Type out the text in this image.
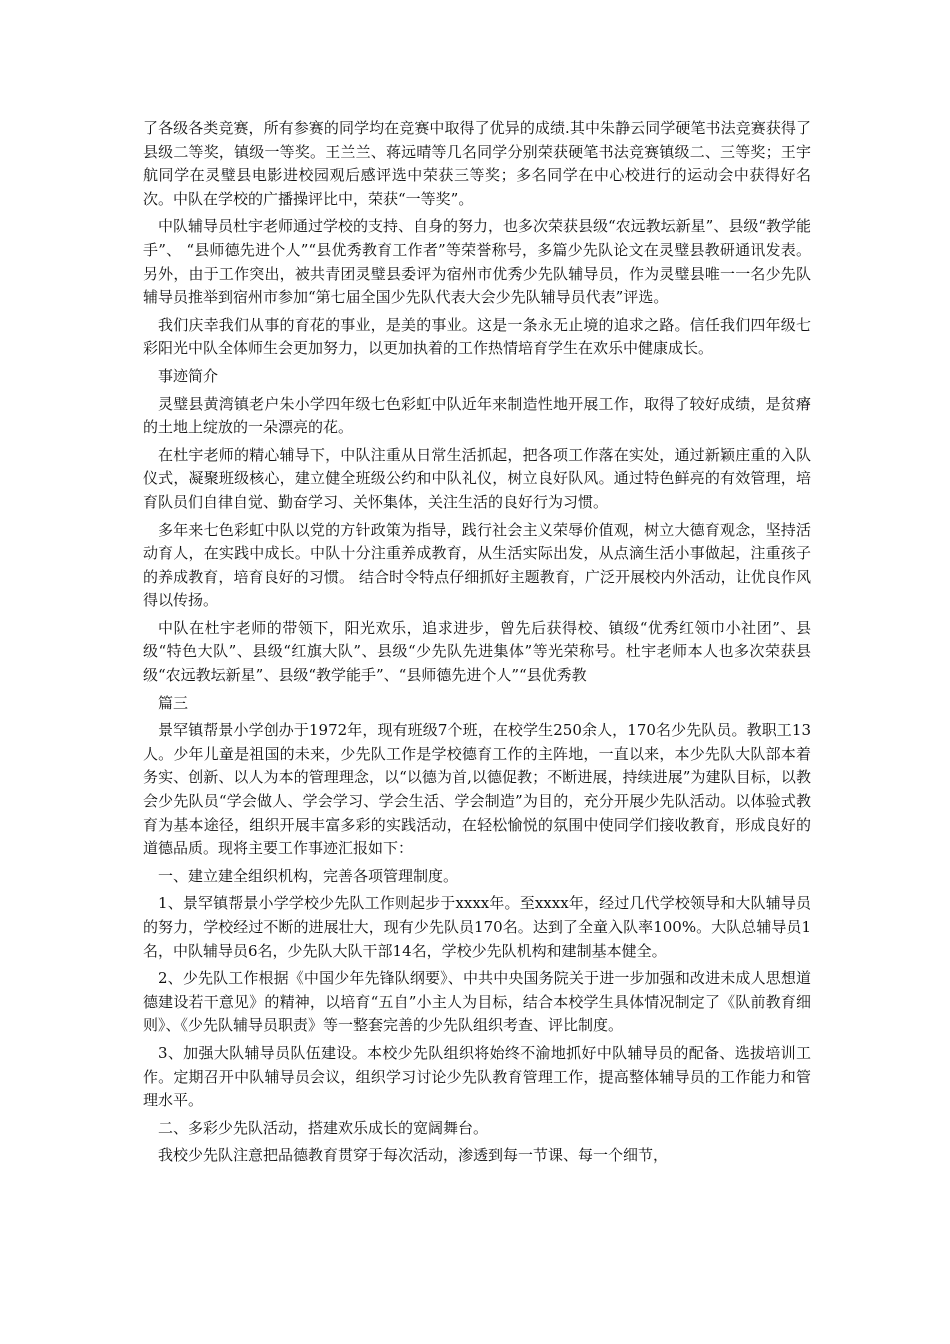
了各级各类竞赛，所有参赛的同学均在竞赛中取得了优异的成绩.其中朱静云同学硬笔书法竞赛获得了县级二等奖，镇级一等奖。王兰兰、蒋远晴等几名同学分别荣获硬笔书法竞赛镇级二、三等奖；王宇航同学在灵璧县电影进校园观后感评选中荣获三等奖；多名同学在中心校进行的运动会中获得好名次。中队在学校的广播操评比中，荣获“一等奖”。

中队辅导员杜宇老师通过学校的支持、自身的努力，也多次荣获县级“农远教坛新星”、县级“教学能手”、 “县师德先进个人”“县优秀教育工作者”等荣誉称号，多篇少先队论文在灵璧县教研通讯发表。另外，由于工作突出，被共青团灵璧县委评为宿州市优秀少先队辅导员，作为灵璧县唯一一名少先队辅导员推举到宿州市参加“第七届全国少先队代表大会少先队辅导员代表”评选。

我们庆幸我们从事的育花的事业，是美的事业。这是一条永无止境的追求之路。信任我们四年级七彩阳光中队全体师生会更加努力，以更加执着的工作热情培育学生在欢乐中健康成长。

事迹简介

灵璧县黄湾镇老户朱小学四年级七色彩虹中队近年来制造性地开展工作，取得了较好成绩，是贫瘠的土地上绽放的一朵漂亮的花。

在杜宇老师的精心辅导下，中队注重从日常生活抓起，把各项工作落在实处，通过新颖庄重的入队仪式，凝聚班级核心，建立健全班级公约和中队礼仪，树立良好队风。通过特色鲜亮的有效管理，培育队员们自律自觉、勤奋学习、关怀集体，关注生活的良好行为习惯。

多年来七色彩虹中队以党的方针政策为指导，践行社会主义荣辱价值观，树立大德育观念，坚持活动育人，在实践中成长。中队十分注重养成教育，从生活实际出发，从点滴生活小事做起，注重孩子的养成教育，培育良好的习惯。 结合时令特点仔细抓好主题教育，广泛开展校内外活动，让优良作风得以传扬。

中队在杜宇老师的带领下，阳光欢乐，追求进步，曾先后获得校、镇级“优秀红领巾小社团”、县级“特色大队”、县级“红旗大队”、县级“少先队先进集体”等光荣称号。杜宇老师本人也多次荣获县级“农远教坛新星”、县级“教学能手”、“县师德先进个人”“县优秀教

篇三

景罕镇帮景小学创办于1972年，现有班级7个班，在校学生250余人，170名少先队员。教职工13人。少年儿童是祖国的未来，少先队工作是学校德育工作的主阵地，一直以来，本少先队大队部本着务实、创新、以人为本的管理理念，以“以德为首,以德促教；不断进展，持续进展”为建队目标，以教会少先队员“学会做人、学会学习、学会生活、学会制造”为目的，充分开展少先队活动。以体验式教育为基本途径，组织开展丰富多彩的实践活动，在轻松愉悦的氛围中使同学们接收教育，形成良好的道德品质。现将主要工作事迹汇报如下：

一、建立建全组织机构，完善各项管理制度。

1、景罕镇帮景小学学校少先队工作则起步于xxxx年。至xxxx年，经过几代学校领导和大队辅导员的努力，学校经过不断的进展壮大，现有少先队员170名。达到了全童入队率100%。大队总辅导员1名，中队辅导员6名，少先队大队干部14名，学校少先队机构和建制基本健全。

2、少先队工作根据《中国少年先锋队纲要》、中共中央国务院关于进一步加强和改进未成人思想道德建设若干意见》的精神，以培育“五自”小主人为目标，结合本校学生具体情况制定了《队前教育细则》、《少先队辅导员职责》等一整套完善的少先队组织考查、评比制度。

3、加强大队辅导员队伍建设。本校少先队组织将始终不渝地抓好中队辅导员的配备、选拔培训工作。定期召开中队辅导员会议，组织学习讨论少先队教育管理工作，提高整体辅导员的工作能力和管理水平。

二、多彩少先队活动，搭建欢乐成长的宽阔舞台。

我校少先队注意把品德教育贯穿于每次活动，渗透到每一节课、每一个细节，
